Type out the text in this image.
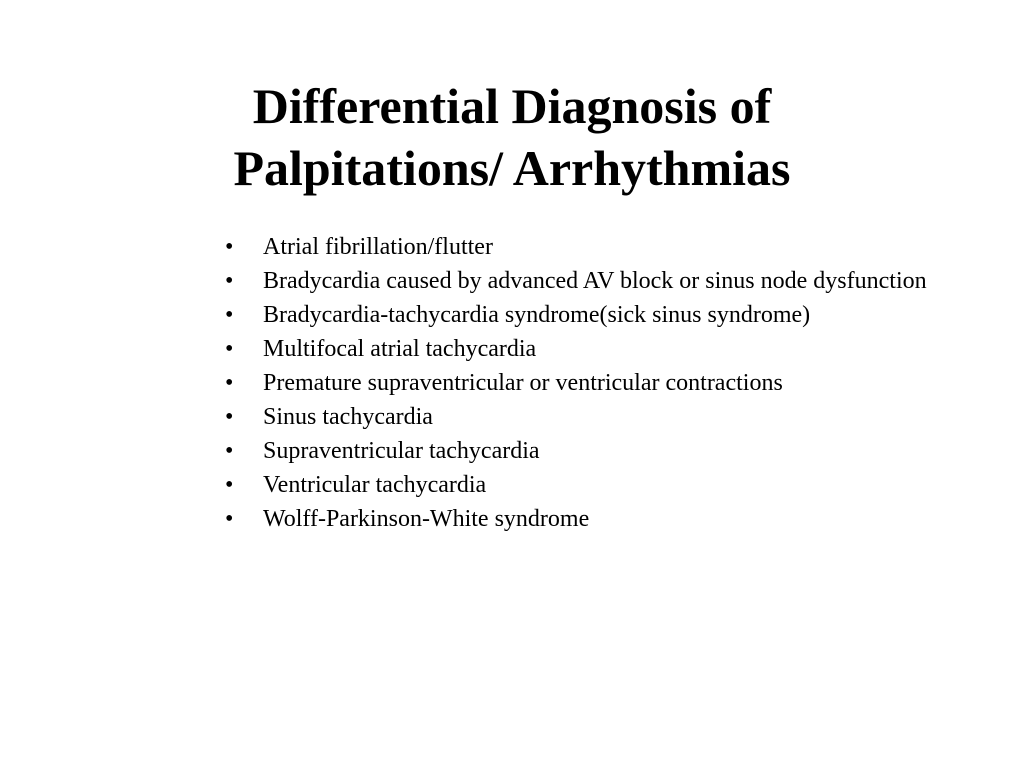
Differential Diagnosis of
Palpitations/ Arrhythmias
•	Atrial fibrillation/flutter
•	Bradycardia caused by advanced AV block or sinus node dysfunction
•	Bradycardia-tachycardia syndrome(sick sinus syndrome)
•	Multifocal atrial tachycardia
•	Premature supraventricular or ventricular contractions
•	Sinus tachycardia
•	Supraventricular tachycardia
•	Ventricular tachycardia
•	Wolff-Parkinson-White syndrome
